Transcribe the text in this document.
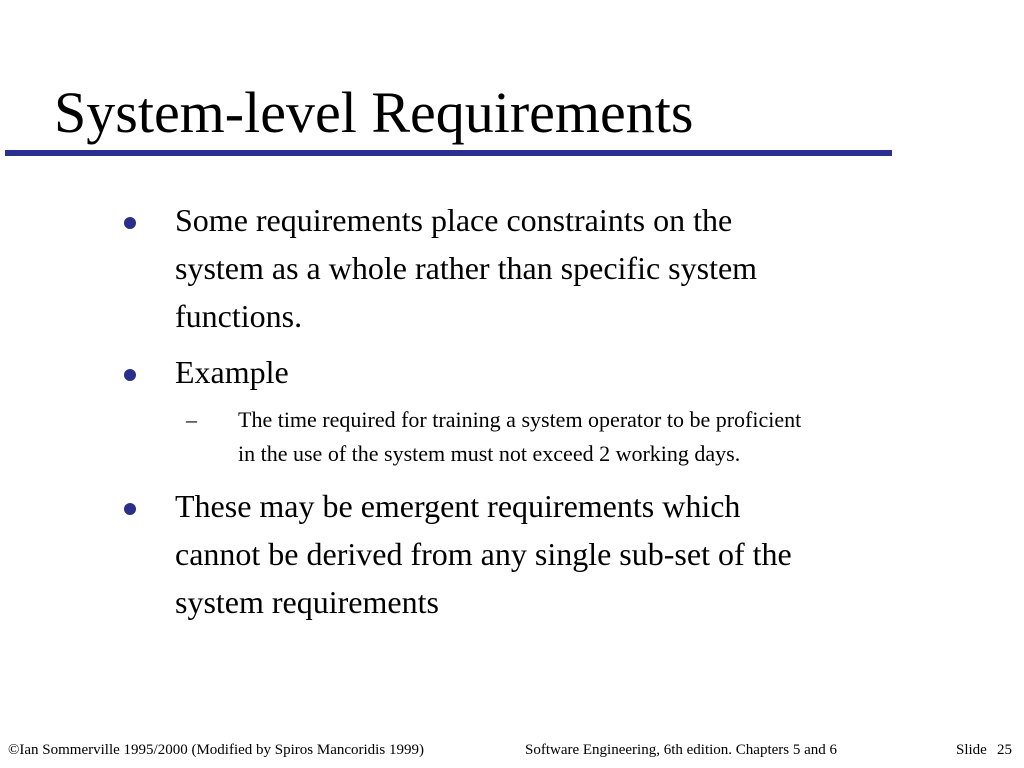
System-level Requirements
Some requirements place constraints on the
system as a whole rather than specific system
functions.
Example
– The time required for training a system operator to be proficient
in the use of the system must not exceed 2 working days.
These may be emergent requirements which
cannot be derived from any single sub-set of the
system requirements
©Ian Sommerville 1995/2000 (Modified by Spiros Mancoridis 1999)	Software Engineering, 6th edition. Chapters 5 and 6	Slide 25
